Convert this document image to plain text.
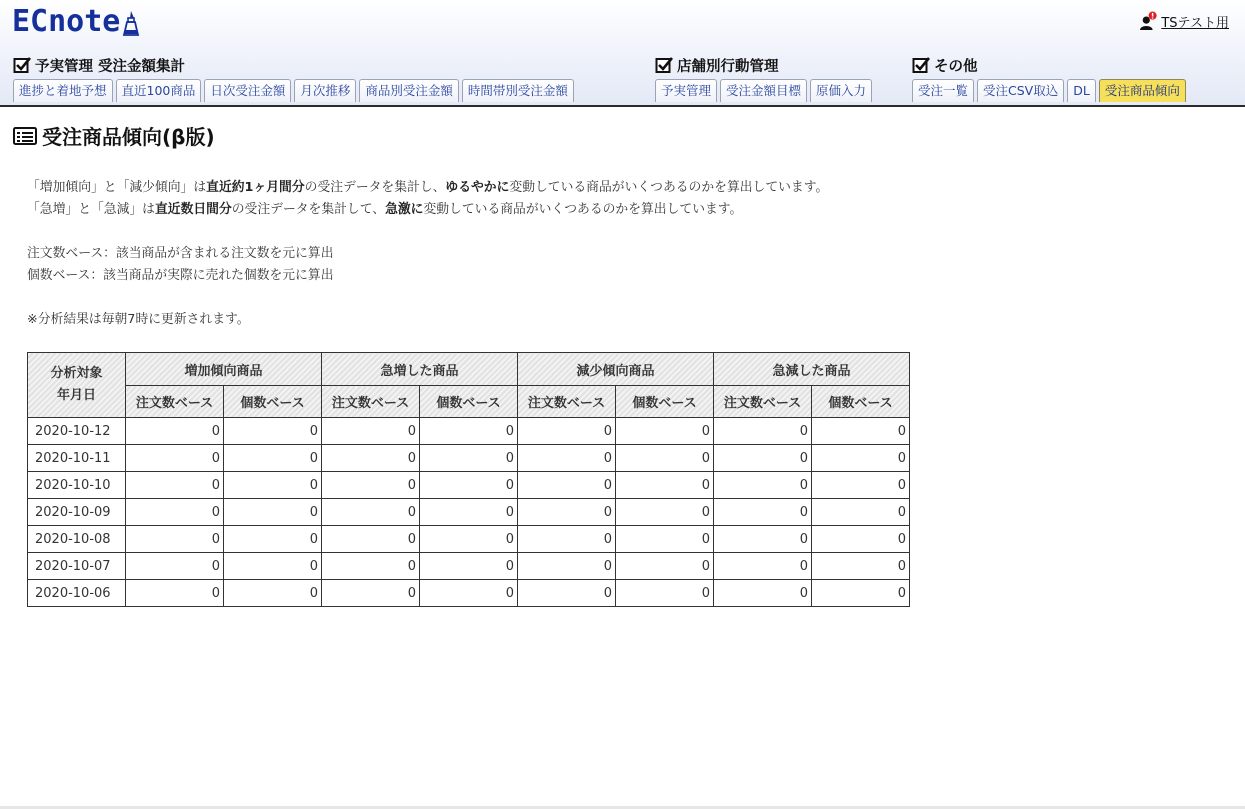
ECnote	TSテスト用
予実管理 受注金額集計
進捗と着地予想	直近100商品	日次受注金額	月次推移	商品別受注金額	時間帯別受注金額
店舗別行動管理
予実管理	受注金額目標	原価入力
その他
受注一覧	受注CSV取込	DL	受注商品傾向
受注商品傾向(β版)
「増加傾向」と「減少傾向」は直近約1ヶ月間分の受注データを集計し、ゆるやかに変動している商品がいくつあるのかを算出しています。
「急増」と「急減」は直近数日間分の受注データを集計して、急激に変動している商品がいくつあるのかを算出しています。
注文数ベース：該当商品が含まれる注文数を元に算出
個数ベース：該当商品が実際に売れた個数を元に算出
※分析結果は毎朝7時に更新されます。
分析対象
年月日	増加傾向商品		急増した商品		減少傾向商品		急減した商品	
	注文数ベース	個数ベース	注文数ベース	個数ベース	注文数ベース	個数ベース	注文数ベース	個数ベース
2020-10-12	0	0	0	0	0	0	0	0
2020-10-11	0	0	0	0	0	0	0	0
2020-10-10	0	0	0	0	0	0	0	0
2020-10-09	0	0	0	0	0	0	0	0
2020-10-08	0	0	0	0	0	0	0	0
2020-10-07	0	0	0	0	0	0	0	0
2020-10-06	0	0	0	0	0	0	0	0
